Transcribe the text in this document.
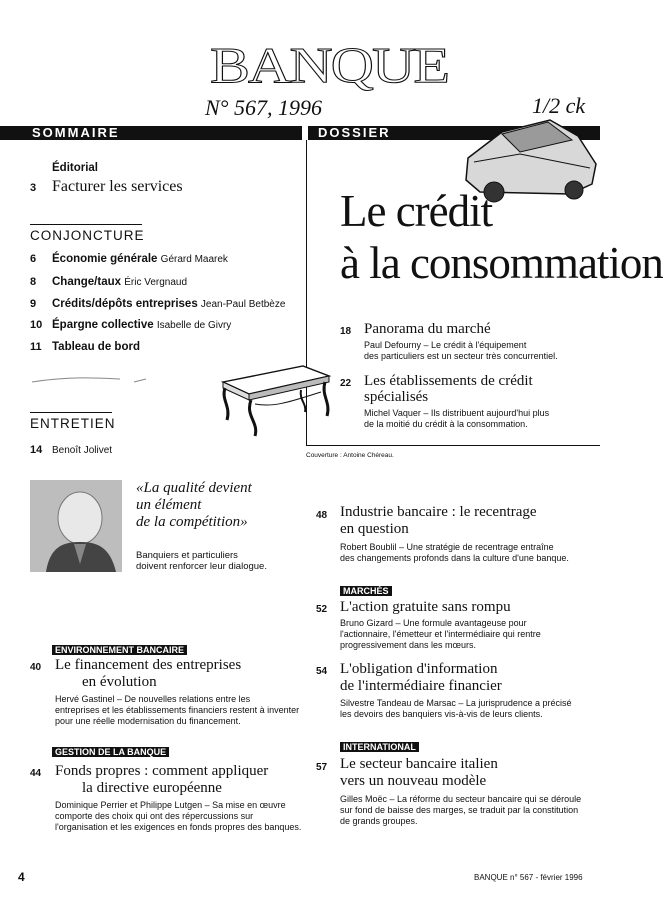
BANQUE
N° 567, 1996	1/2 ck
SOMMAIRE	DOSSIER
Éditorial
3 Facturer les services
CONJONCTURE
6 Économie générale Gérard Maarek
8 Change/taux Éric Vergnaud
9 Crédits/dépôts entreprises Jean-Paul Betbèze
10 Épargne collective Isabelle de Givry
11 Tableau de bord
Le crédit
à la consommation
18 Panorama du marché
Paul Defourny – Le crédit à l'équipement
des particuliers est un secteur très concurrentiel.
22 Les établissements de crédit
spécialisés
Michel Vaquer – Ils distribuent aujourd'hui plus
de la moitié du crédit à la consommation.
Couverture : Antoine Chéreau.
ENTRETIEN
14 Benoît Jolivet
«La qualité devient
un élément
de la compétition»
Banquiers et particuliers
doivent renforcer leur dialogue.
ENVIRONNEMENT BANCAIRE
40 Le financement des entreprises
en évolution
Hervé Gastinel – De nouvelles relations entre les
entreprises et les établissements financiers restent à inventer
pour une réelle modernisation du financement.
GESTION DE LA BANQUE
44 Fonds propres : comment appliquer
la directive européenne
Dominique Perrier et Philippe Lutgen – Sa mise en œuvre
comporte des choix qui ont des répercussions sur
l'organisation et les exigences en fonds propres des banques.
48 Industrie bancaire : le recentrage
en question
Robert Boublil – Une stratégie de recentrage entraîne
des changements profonds dans la culture d'une banque.
MARCHÉS
52 L'action gratuite sans rompu
Bruno Gizard – Une formule avantageuse pour
l'actionnaire, l'émetteur et l'intermédiaire qui rentre
progressivement dans les mœurs.
54 L'obligation d'information
de l'intermédiaire financier
Silvestre Tandeau de Marsac – La jurisprudence a précisé
les devoirs des banquiers vis-à-vis de leurs clients.
INTERNATIONAL
57 Le secteur bancaire italien
vers un nouveau modèle
Gilles Moëc – La réforme du secteur bancaire qui se déroule
sur fond de baisse des marges, se traduit par la constitution
de grands groupes.
4	BANQUE n° 567 - février 1996
